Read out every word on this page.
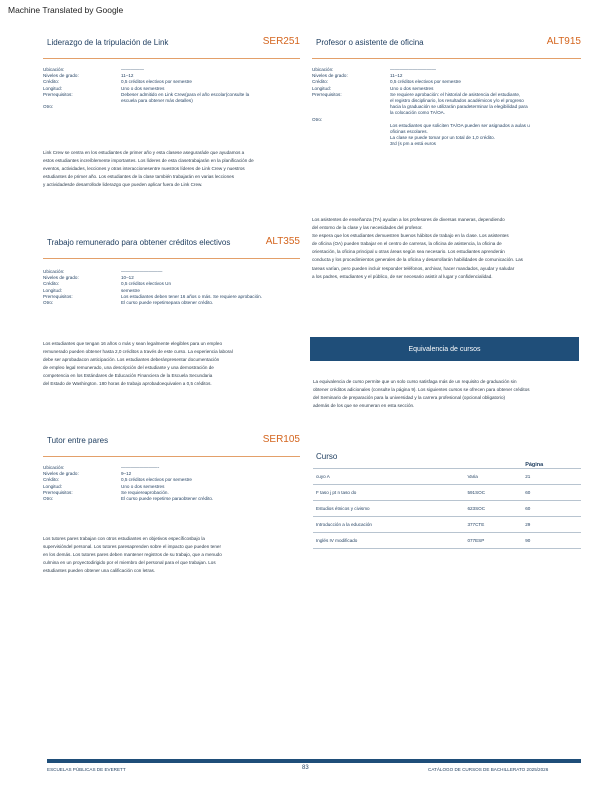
Machine Translated by Google
Liderazgo de la tripulación de Link	SER251
Ubicación:	—————
Niveles de grado:	11–12
Crédito:	0,5 créditos electivos por semestre
Longitud:	Uno o dos semestres
Prerrequisitos:	Debeser admitido en Link Crew(para el año escolar(consulte la
escuela para obtener más detalles)
Otro:
Link Crew se centra en los estudiantes de primer año y esta clasese aseguraráde que ayudamos a
estos estudiantes increíblemente importantes. Los líderes de esta clasetrabajarán en la planificación de
eventos, actividades, lecciones y otras interaccionesentre nuestros líderes de Link Crew y nuestros
estudiantes de primer año. Los estudiantes de la clase también trabajarán en varias lecciones
y actividadesde desarrollode liderazgo que pueden aplicar fuera de Link Crew.
Trabajo remunerado para obtener créditos electivos	ALT355
Ubicación:	—————————
Niveles de grado:	10–12
Crédito:	0,5 créditos electivos Un
Longitud:	semestre
Prerrequisitos:	Los estudiantes deben tener 16 años o más. Se requiere aprobación.
Otro:	El curso puede repetirsepara obtener crédito.
Los estudiantes que tengan 16 años o más y sean legalmente elegibles para un empleo
remunerado pueden obtener hasta 2,0 créditos a través de este curso. La experiencia laboral
debe ser aprobadacon anticipación. Los estudiantes deberánpresentar documentación
de empleo legal remunerado, una descripción del estudiante y una demostración de
competencia en los Estándares de Educación Financiera de la Escuela Secundaria
del Estado de Washington. 180 horas de trabajo aprobadoequivalen a 0,5 créditos.
Tutor entre pares	SER105
Ubicación:	————————-
Niveles de grado:	9–12
Crédito:	0,5 créditos electivos por semestre
Longitud:	Uno o dos semestres
Prerrequisitos:	Se requiereaprobación.
Otro:	El curso puede repetirse paraobtener crédito.
Los tutores pares trabajan con otros estudiantes en objetivos específicosbajo la
supervisióndel personal. Los tutores paresaprenden sobre el impacto que pueden tener
en los demás. Los tutores pares deben mantener registros de su trabajo, que a menudo
culmina en un proyectodirigido por el miembro del personal para el que trabajan. Los
estudiantes pueden obtener una calificación con letras.
Profesor o asistente de oficina	ALT915
Ubicación:	——————————
Niveles de grado:	11–12
Crédito:	0,5 créditos electivos por semestre
Longitud:	Uno o dos semestres
Prerrequisitos:	Se requiere aprobación: el historial de asistencia del estudiante,
el registro disciplinario, los resultados académicos y/o el progreso
hacia la graduación se utilizarán paradeterminar la elegibilidad para
la colocación como TA/OA.
Otro:
Los estudiantes que soliciten TA/OA pueden ser asignados a aulas u
oficinas escolares.
La clase se puede tomar por un total de 1,0 crédito.
3rd (s pm a está euros
Los asistentes de enseñanza (TA) ayudan a los profesores de diversas maneras, dependiendo
del entorno de la clase y las necesidades del profesor.
Se espera que los estudiantes demuestren buenos hábitos de trabajo en la clase. Los asistentes
de oficina (OA) pueden trabajar en el centro de carreras, la oficina de asistencia, la oficina de
orientación, la oficina principal u otras áreas según sea necesario. Los estudiantes aprenderán
conducta y los procedimientos generales de la oficina y desarrollarán habilidades de comunicación. Las
tareas varían, pero pueden incluir responder teléfonos, archivar, hacer mandados, ayudar y saludar
a los padres, estudiantes y el público, de ser necesario asistir al lugar y confidencialidad.
Equivalencia de cursos
La equivalencia de curso permite que un solo curso satisfaga más de un requisito de graduación sin
obtener créditos adicionales (consulte la página 9). Los siguientes cursos se ofrecen para obtener créditos
del Seminario de preparación para la universidad y la carrera profesional (opcional obligatorio)
además de los que se enumeran en esta sección.
Curso		Página
cuyo A	Varia	21
F taso j pt n taso do	591SOC	60
Estudios étnicos y civismo	623SOC	60
Introducción a la educación	377CTE	29
Inglés IV modificado	077ESP	90
ESCUELAS PÚBLICAS DE EVERETT	83	CATÁLOGO DE CURSOS DE BACHILLERATO 2025/2026
